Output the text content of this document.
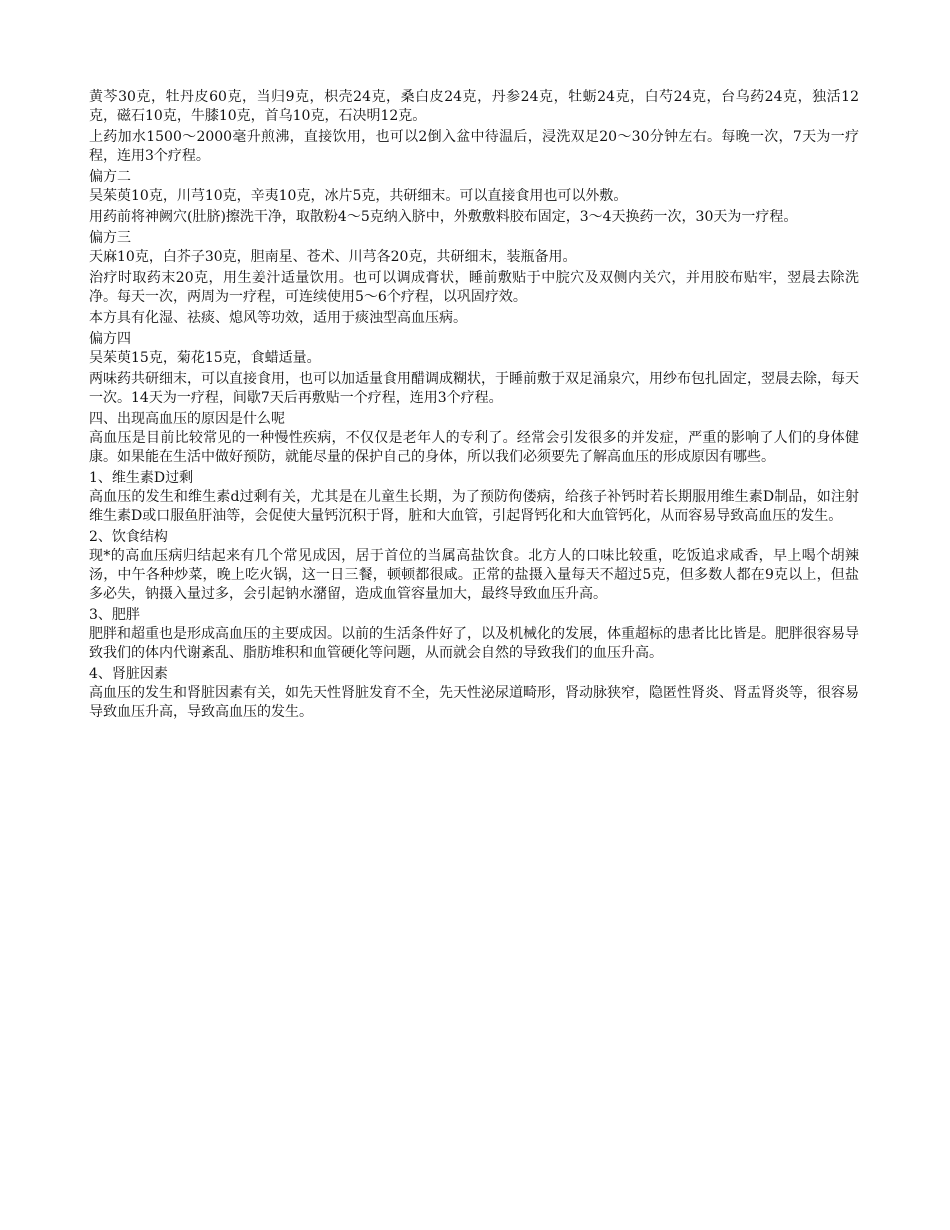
黄芩30克，牡丹皮60克，当归9克，枳壳24克，桑白皮24克，丹参24克，牡蛎24克，白芍24克，台乌药24克，独活12克，磁石10克，牛膝10克，首乌10克，石决明12克。

上药加水1500～2000毫升煎沸，直接饮用，也可以2倒入盆中待温后，浸洗双足20～30分钟左右。每晚一次，7天为一疗程，连用3个疗程。

偏方二

吴茱萸10克，川芎10克，辛夷10克，冰片5克，共研细末。可以直接食用也可以外敷。

用药前将神阙穴(肚脐)擦洗干净，取散粉4～5克纳入脐中，外敷敷料胶布固定，3～4天换药一次，30天为一疗程。

偏方三

天麻10克，白芥子30克，胆南星、苍术、川芎各20克，共研细末，装瓶备用。

治疗时取药末20克，用生姜汁适量饮用。也可以调成膏状，睡前敷贴于中脘穴及双侧内关穴，并用胶布贴牢，翌晨去除洗净。每天一次，两周为一疗程，可连续使用5～6个疗程，以巩固疗效。

本方具有化湿、祛痰、熄风等功效，适用于痰浊型高血压病。

偏方四

吴茱萸15克，菊花15克，食蜡适量。

两味药共研细末，可以直接食用，也可以加适量食用醋调成糊状，于睡前敷于双足涌泉穴，用纱布包扎固定，翌晨去除，每天一次。14天为一疗程，间歇7天后再敷贴一个疗程，连用3个疗程。

四、出现高血压的原因是什么呢

高血压是目前比较常见的一种慢性疾病，不仅仅是老年人的专利了。经常会引发很多的并发症，严重的影响了人们的身体健康。如果能在生活中做好预防，就能尽量的保护自己的身体，所以我们必须要先了解高血压的形成原因有哪些。

1、维生素D过剩

高血压的发生和维生素d过剩有关，尤其是在儿童生长期，为了预防佝偻病，给孩子补钙时若长期服用维生素D制品，如注射维生素D或口服鱼肝油等，会促使大量钙沉积于肾，脏和大血管，引起肾钙化和大血管钙化，从而容易导致高血压的发生。

2、饮食结构

现*的高血压病归结起来有几个常见成因，居于首位的当属高盐饮食。北方人的口味比较重，吃饭追求咸香，早上喝个胡辣汤，中午各种炒菜，晚上吃火锅，这一日三餐，顿顿都很咸。正常的盐摄入量每天不超过5克，但多数人都在9克以上，但盐多必失，钠摄入量过多，会引起钠水潴留，造成血管容量加大，最终导致血压升高。

3、肥胖

肥胖和超重也是形成高血压的主要成因。以前的生活条件好了，以及机械化的发展，体重超标的患者比比皆是。肥胖很容易导致我们的体内代谢紊乱、脂肪堆积和血管硬化等问题，从而就会自然的导致我们的血压升高。

4、肾脏因素

高血压的发生和肾脏因素有关，如先天性肾脏发育不全，先天性泌尿道畸形，肾动脉狭窄，隐匿性肾炎、肾盂肾炎等，很容易导致血压升高，导致高血压的发生。
